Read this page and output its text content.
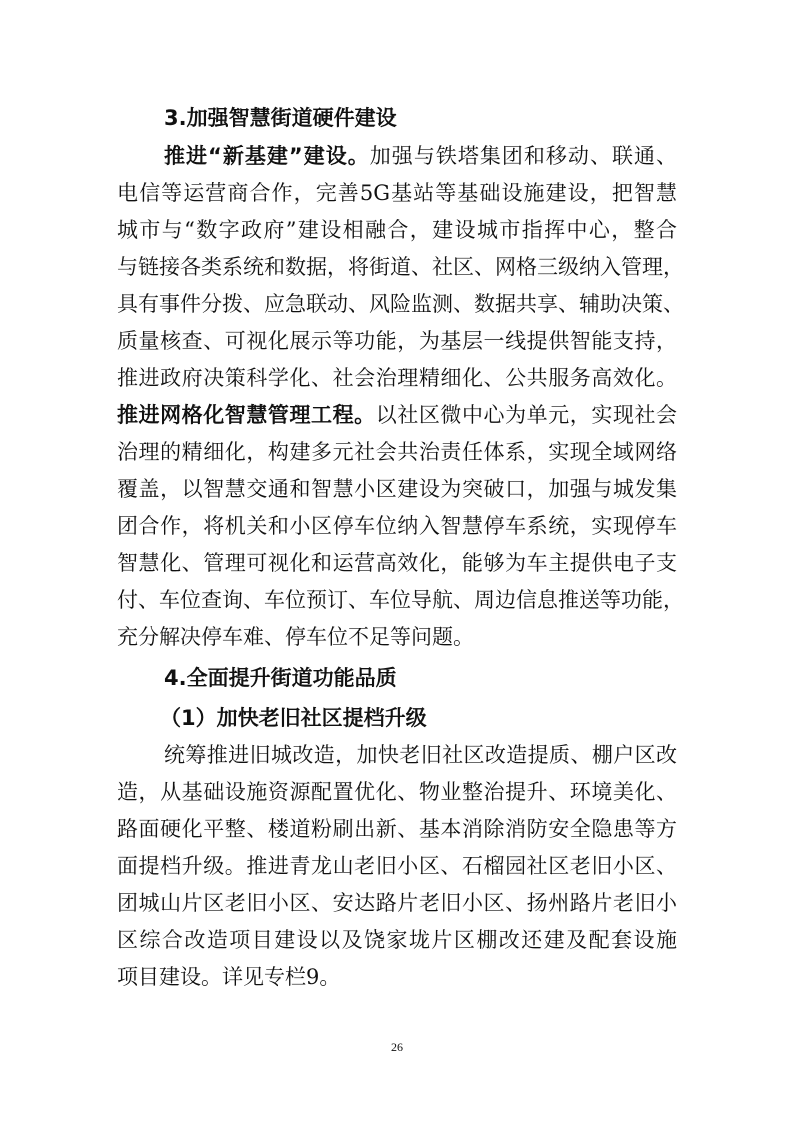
3.加强智慧街道硬件建设
推进“新基建”建设。加强与铁塔集团和移动、联通、
电信等运营商合作，完善5G基站等基础设施建设，把智慧
城市与“数字政府”建设相融合，建设城市指挥中心，整合
与链接各类系统和数据，将街道、社区、网格三级纳入管理，
具有事件分拨、应急联动、风险监测、数据共享、辅助决策、
质量核查、可视化展示等功能，为基层一线提供智能支持，
推进政府决策科学化、社会治理精细化、公共服务高效化。
推进网格化智慧管理工程。以社区微中心为单元，实现社会
治理的精细化，构建多元社会共治责任体系，实现全域网络
覆盖，以智慧交通和智慧小区建设为突破口，加强与城发集
团合作，将机关和小区停车位纳入智慧停车系统，实现停车
智慧化、管理可视化和运营高效化，能够为车主提供电子支
付、车位查询、车位预订、车位导航、周边信息推送等功能，
充分解决停车难、停车位不足等问题。
4.全面提升街道功能品质
（1）加快老旧社区提档升级
统筹推进旧城改造，加快老旧社区改造提质、棚户区改
造，从基础设施资源配置优化、物业整治提升、环境美化、
路面硬化平整、楼道粉刷出新、基本消除消防安全隐患等方
面提档升级。推进青龙山老旧小区、石榴园社区老旧小区、
团城山片区老旧小区、安达路片老旧小区、扬州路片老旧小
区综合改造项目建设以及饶家垅片区棚改还建及配套设施
项目建设。详见专栏9。
26
